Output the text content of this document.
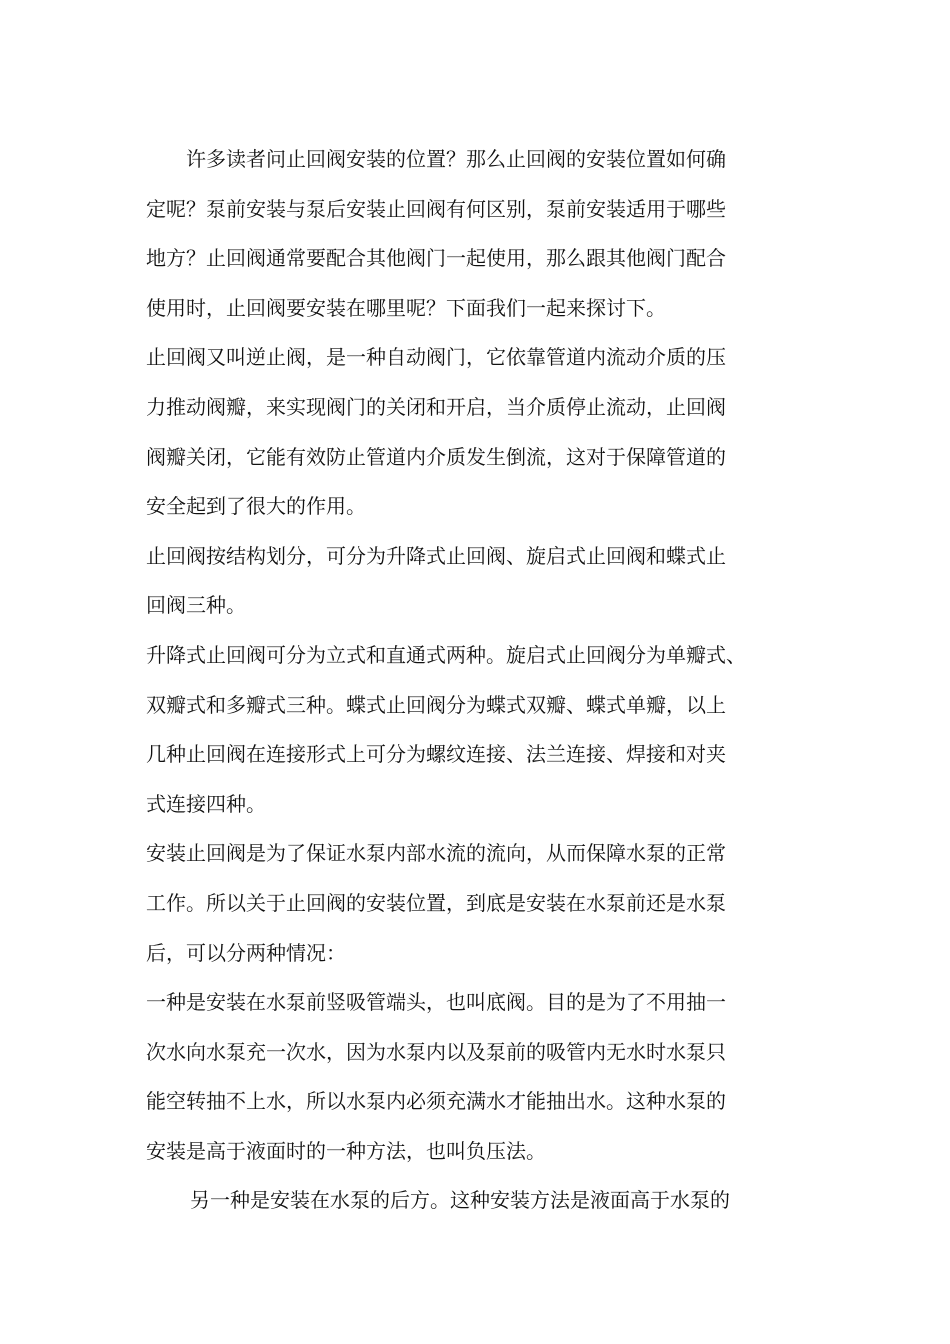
许多读者问止回阀安装的位置？那么止回阀的安装位置如何确
定呢？泵前安装与泵后安装止回阀有何区别，泵前安装适用于哪些
地方？止回阀通常要配合其他阀门一起使用，那么跟其他阀门配合
使用时，止回阀要安装在哪里呢？下面我们一起来探讨下。
止回阀又叫逆止阀，是一种自动阀门，它依靠管道内流动介质的压
力推动阀瓣，来实现阀门的关闭和开启，当介质停止流动，止回阀
阀瓣关闭，它能有效防止管道内介质发生倒流，这对于保障管道的
安全起到了很大的作用。
止回阀按结构划分，可分为升降式止回阀、旋启式止回阀和蝶式止
回阀三种。
升降式止回阀可分为立式和直通式两种。旋启式止回阀分为单瓣式、
双瓣式和多瓣式三种。蝶式止回阀分为蝶式双瓣、蝶式单瓣，以上
几种止回阀在连接形式上可分为螺纹连接、法兰连接、焊接和对夹
式连接四种。
安装止回阀是为了保证水泵内部水流的流向，从而保障水泵的正常
工作。所以关于止回阀的安装位置，到底是安装在水泵前还是水泵
后，可以分两种情况：
一种是安装在水泵前竖吸管端头，也叫底阀。目的是为了不用抽一
次水向水泵充一次水，因为水泵内以及泵前的吸管内无水时水泵只
能空转抽不上水，所以水泵内必须充满水才能抽出水。这种水泵的
安装是高于液面时的一种方法，也叫负压法。
另一种是安装在水泵的后方。这种安装方法是液面高于水泵的
